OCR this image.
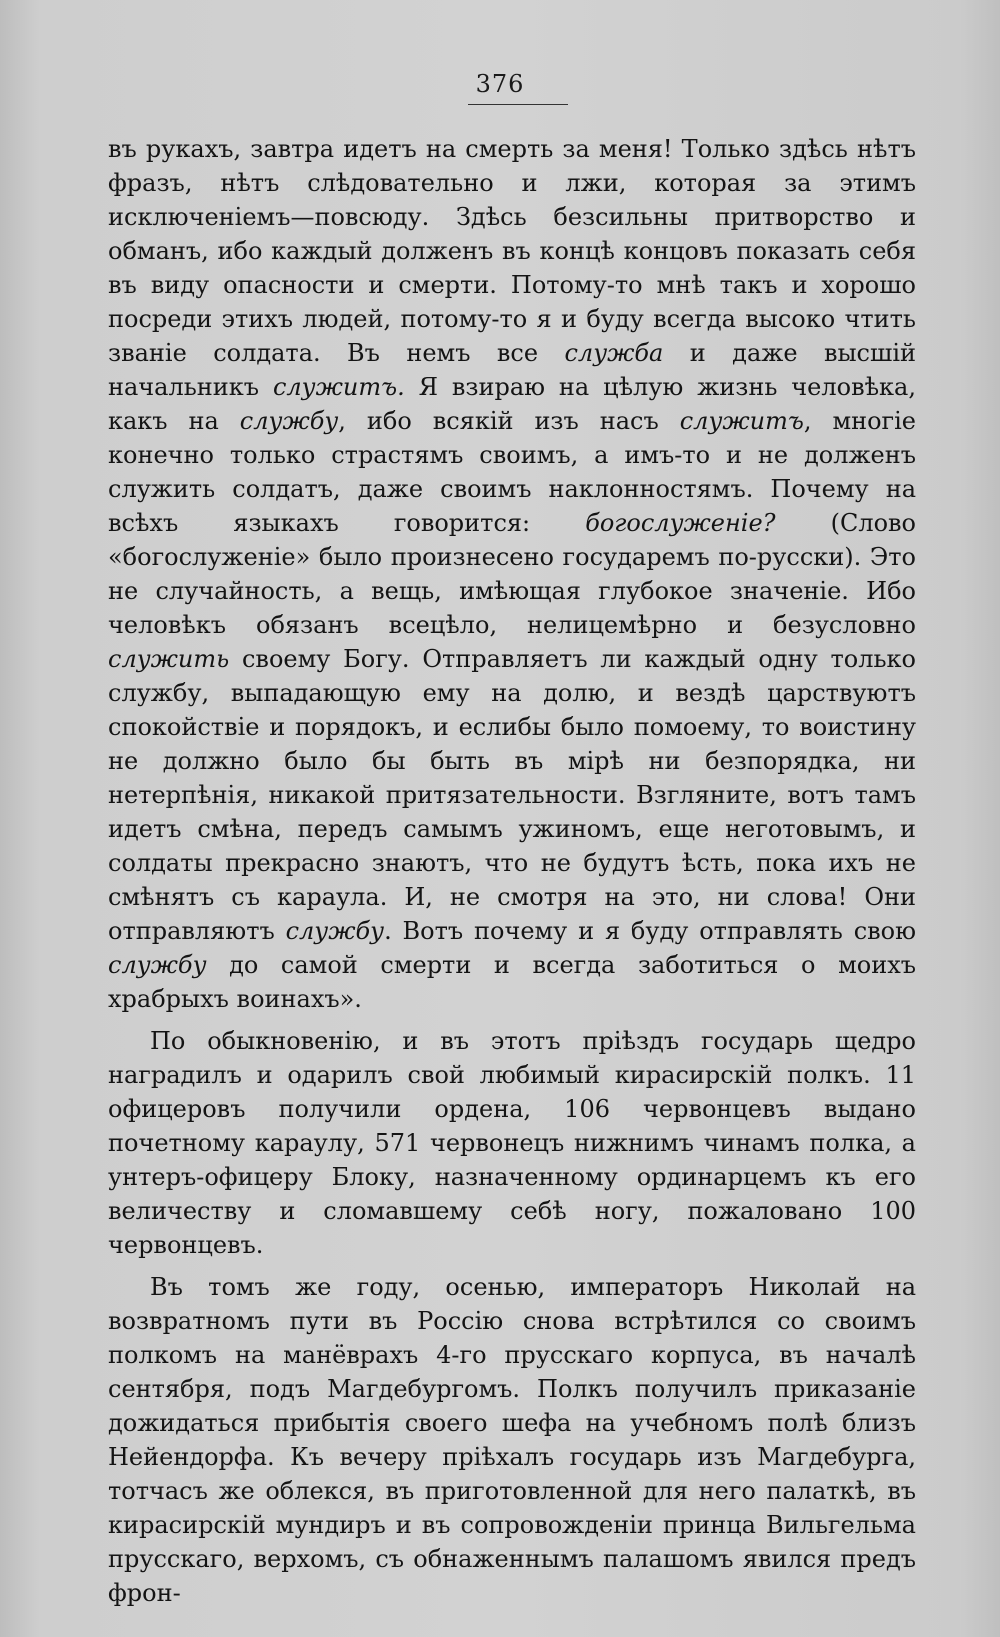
376

въ рукахъ, завтра идетъ на смерть за меня! Только здѣсь нѣтъ фразъ, нѣтъ слѣдовательно и лжи, которая за этимъ исключеніемъ—повсюду. Здѣсь безсильны притворство и обманъ, ибо каждый долженъ въ концѣ концовъ показать себя въ виду опасности и смерти. Потому-то мнѣ такъ и хорошо посреди этихъ людей, потому-то я и буду всегда высоко чтить званіе солдата. Въ немъ все служба и даже высшій начальникъ служитъ. Я взираю на цѣлую жизнь человѣка, какъ на службу, ибо всякій изъ насъ служитъ, многіе конечно только страстямъ своимъ, а имъ-то и не долженъ служить солдатъ, даже своимъ наклонностямъ. Почему на всѣхъ языкахъ говорится: богослуженіе? (Слово «богослуженіе» было произнесено государемъ по-русски). Это не случайность, а вещь, имѣющая глубокое значеніе. Ибо человѣкъ обязанъ всецѣло, нелицемѣрно и безусловно служить своему Богу. Отправляетъ ли каждый одну только службу, выпадающую ему на долю, и вездѣ царствуютъ спокойствіе и порядокъ, и еслибы было помоему, то воистину не должно было бы быть въ мірѣ ни безпорядка, ни нетерпѣнія, никакой притязательности. Взгляните, вотъ тамъ идетъ смѣна, передъ самымъ ужиномъ, еще неготовымъ, и солдаты прекрасно знаютъ, что не будутъ ѣсть, пока ихъ не смѣнятъ съ караула. И, не смотря на это, ни слова! Они отправляютъ службу. Вотъ почему и я буду отправлять свою службу до самой смерти и всегда заботиться о моихъ храбрыхъ воинахъ».

По обыкновенію, и въ этотъ пріѣздъ государь щедро наградилъ и одарилъ свой любимый кирасирскій полкъ. 11 офицеровъ получили ордена, 106 червонцевъ выдано почетному караулу, 571 червонецъ нижнимъ чинамъ полка, а унтеръ-офицеру Блоку, назначенному ординарцемъ къ его величеству и сломавшему себѣ ногу, пожаловано 100 червонцевъ.

Въ томъ же году, осенью, императоръ Николай на возвратномъ пути въ Россію снова встрѣтился со своимъ полкомъ на манёврахъ 4-го прусскаго корпуса, въ началѣ сентября, подъ Магдебургомъ. Полкъ получилъ приказаніе дожидаться прибытія своего шефа на учебномъ полѣ близъ Нейендорфа. Къ вечеру пріѣхалъ государь изъ Магдебурга, тотчасъ же облекся, въ приготовленной для него палаткѣ, въ кирасирскій мундиръ и въ сопровожденіи принца Вильгельма прусскаго, верхомъ, съ обнаженнымъ палашомъ явился предъ фрон-
